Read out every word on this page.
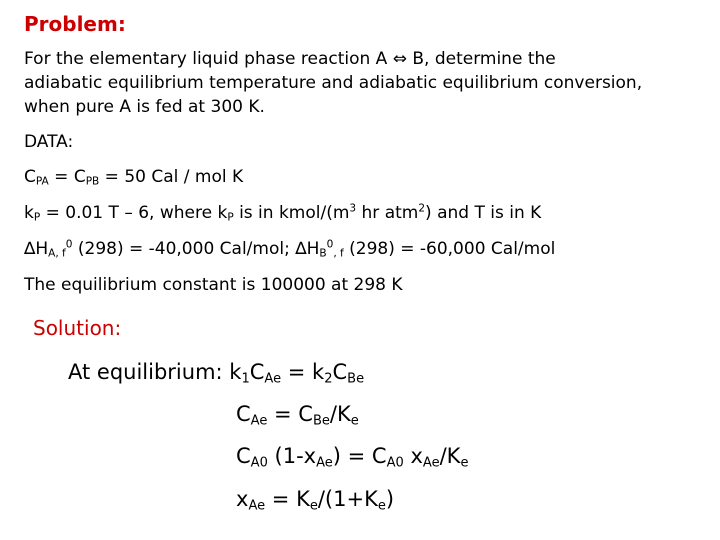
Problem:
For the elementary liquid phase reaction A ⇔ B, determine the
adiabatic equilibrium temperature and adiabatic equilibrium conversion,
when pure A is fed at 300 K.
DATA:
$C_{PA} = C_{PB} = 50$ Cal / mol K
$k_P = 0.01$ T – 6, where $k_P$ is in kmol/($m^3$ hr atm$^2$) and T is in K
$\Delta H_{A, f}^0$ (298) = -40,000 Cal/mol; $\Delta H_B^0_{, f}$ (298) = -60,000 Cal/mol
The equilibrium constant is 100000 at 298 K
Solution:
At equilibrium: $k_1C_{Ae} = k_2C_{Be}$
$C_{Ae} = C_{Be}/K_e$
$C_{A0}$ $(1-x_{Ae}) = C_{A0}$ $x_{Ae}/K_e$
$x_{Ae} = K_e/(1+K_e)$
